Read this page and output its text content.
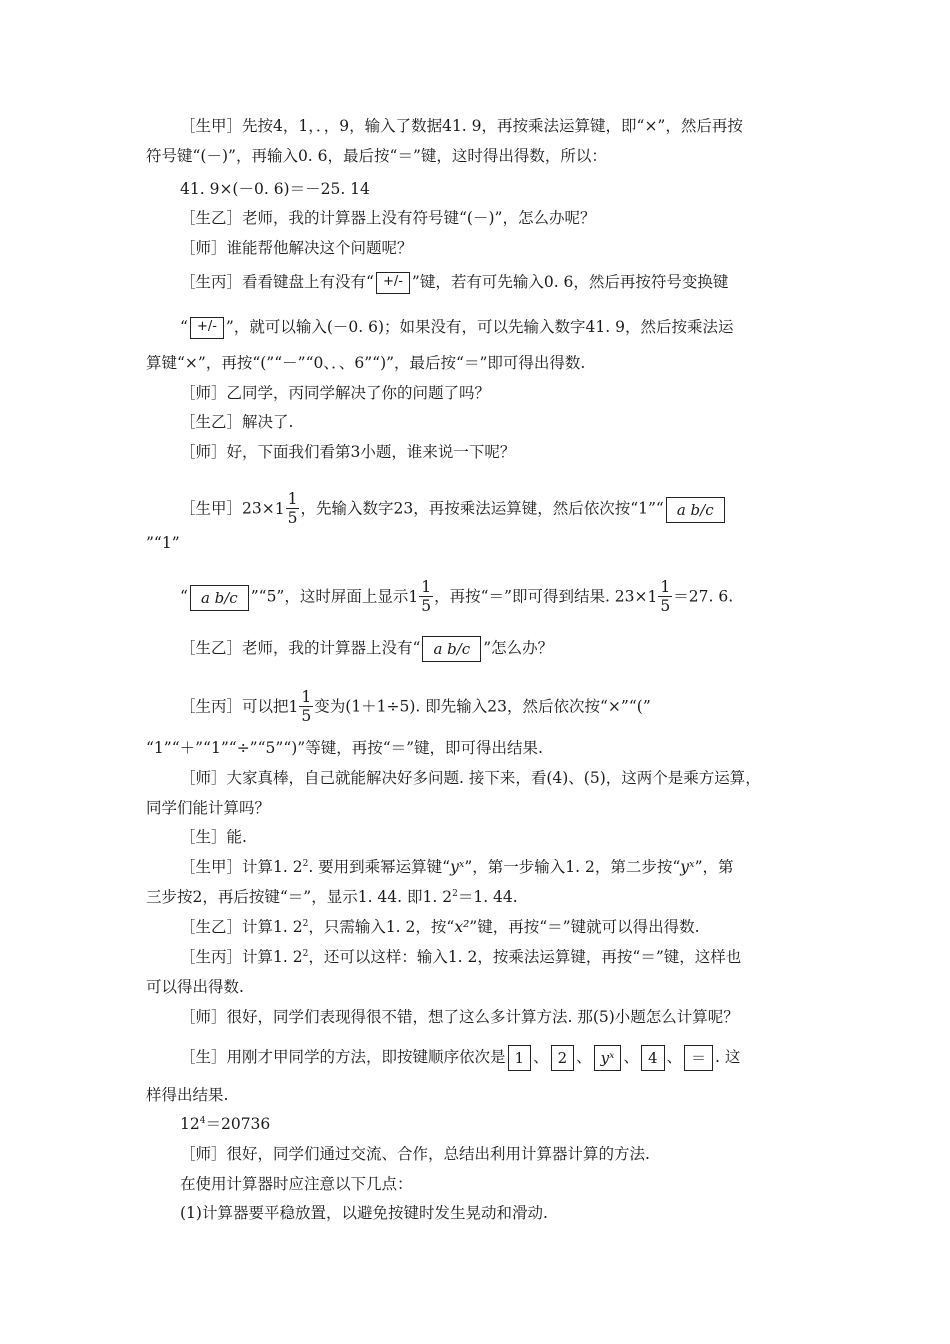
［生甲］先按4，1，．，9，输入了数据41. 9，再按乘法运算键，即“×”，然后再按
符号键“(－)”，再输入0. 6，最后按“＝”键，这时得出得数，所以：
41. 9×(－0. 6)＝－25. 14
［生乙］老师，我的计算器上没有符号键“(－)”，怎么办呢？
［师］谁能帮他解决这个问题呢？
［生丙］看看键盘上有没有“ +/- ”键，若有可先输入0. 6，然后再按符号变换键
“ +/- ”，就可以输入(－0. 6)；如果没有，可以先输入数字41. 9，然后按乘法运
算键“×”，再按“(”“－”“0、．、6”“)”，最后按“＝”即可得出得数.
［师］乙同学，丙同学解决了你的问题了吗？
［生乙］解决了.
［师］好，下面我们看第3小题，谁来说一下呢？
［生甲］23× $1 \frac{1}{5}$ ，先输入数字23，再按乘法运算键，然后依次按“1”“ a b/c
”“1”
“ a b/c ”“5”，这时屏面上显示 $1 \frac{1}{5}$ ，再按“＝”即可得到结果. $23\times 1 \frac{1}{5} =27$. 6.
［生乙］老师，我的计算器上没有“ a b/c ”怎么办？
［生丙］可以把 $1 \frac{1}{5}$ 变为(1＋1÷5). 即先输入23，然后依次按“×”“(”
“1”“＋”“1”“÷”“5”“)”等键，再按“＝”键，即可得出结果.
［师］大家真棒，自己就能解决好多问题. 接下来，看(4)、(5)，这两个是乘方运算，
同学们能计算吗？
［生］能.
［生甲］计算1. $2^2$. 要用到乘幂运算键“yˣ”，第一步输入1. 2，第二步按“yˣ”，第
三步按2，再后按键“＝”，显示1. 44. 即1. $2^2=1$. 44.
［生乙］计算1. $2^2$，只需输入1. 2，按“x²”键，再按“＝”键就可以得出得数.
［生丙］计算1. $2^2$，还可以这样：输入1. 2，按乘法运算键，再按“＝”键，这样也
可以得出得数.
［师］很好，同学们表现得很不错，想了这么多计算方法. 那(5)小题怎么计算呢？
［生］用刚才甲同学的方法，即按键顺序依次是 1 、 2 、 yˣ 、 4 、 ＝ . 这
样得出结果.
$12^4=20736$
［师］很好，同学们通过交流、合作，总结出利用计算器计算的方法.
在使用计算器时应注意以下几点：
(1)计算器要平稳放置，以避免按键时发生晃动和滑动.
